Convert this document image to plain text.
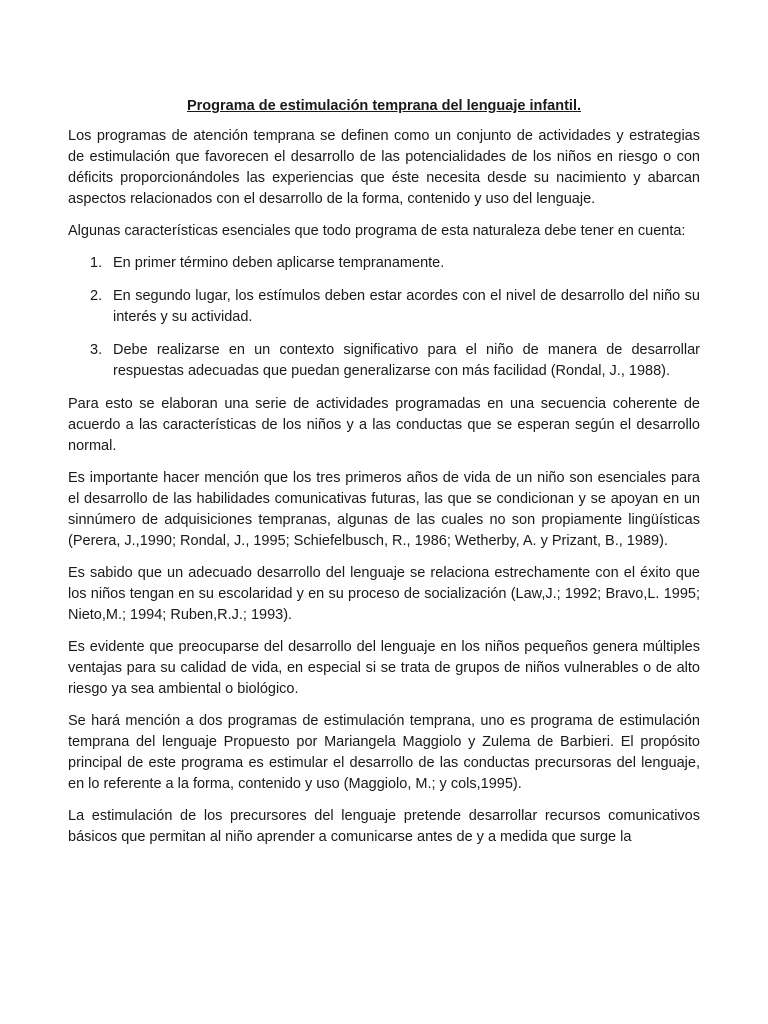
Programa de estimulación temprana del lenguaje infantil.

Los programas de atención temprana se definen como un conjunto de actividades y estrategias de estimulación que favorecen el desarrollo de las potencialidades de los niños en riesgo o con déficits proporcionándoles las experiencias que éste necesita desde su nacimiento y abarcan aspectos relacionados con el desarrollo de la forma, contenido y uso del lenguaje.

Algunas características esenciales que todo programa de esta naturaleza debe tener en cuenta:

1. En primer término deben aplicarse tempranamente.
2. En segundo lugar, los estímulos deben estar acordes con el nivel de desarrollo del niño su interés y su actividad.
3. Debe realizarse en un contexto significativo para el niño de manera de desarrollar respuestas adecuadas que puedan generalizarse con más facilidad (Rondal, J., 1988).

Para esto se elaboran una serie de actividades programadas en una secuencia coherente de acuerdo a las características de los niños y a las conductas que se esperan según el desarrollo normal.

Es importante hacer mención que los tres primeros años de vida de un niño son esenciales para el desarrollo de las habilidades comunicativas futuras, las que se condicionan y se apoyan en un sinnúmero de adquisiciones tempranas, algunas de las cuales no son propiamente lingüísticas (Perera, J.,1990; Rondal, J., 1995; Schiefelbusch, R., 1986; Wetherby, A. y Prizant, B., 1989).

Es sabido que un adecuado desarrollo del lenguaje se relaciona estrechamente con el éxito que los niños tengan en su escolaridad y en su proceso de socialización (Law,J.; 1992; Bravo,L. 1995; Nieto,M.; 1994; Ruben,R.J.; 1993).

Es evidente que preocuparse del desarrollo del lenguaje en los niños pequeños genera múltiples ventajas para su calidad de vida, en especial si se trata de grupos de niños vulnerables o de alto riesgo ya sea ambiental o biológico.

Se hará mención a dos programas de estimulación temprana, uno es programa de estimulación temprana del lenguaje Propuesto por Mariangela Maggiolo y Zulema de Barbieri. El propósito principal de este programa es estimular el desarrollo de las conductas precursoras del lenguaje, en lo referente a la forma, contenido y uso (Maggiolo, M.; y cols,1995).

La estimulación de los precursores del lenguaje pretende desarrollar recursos comunicativos básicos que permitan al niño aprender a comunicarse antes de y a medida que surge la
